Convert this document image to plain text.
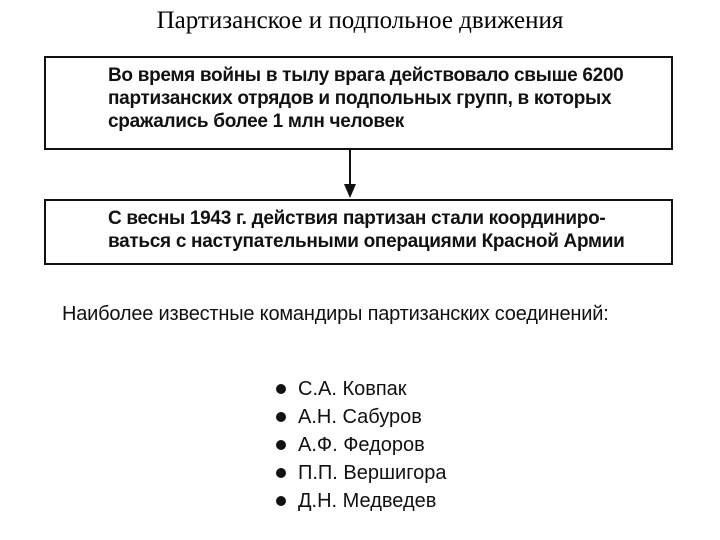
Партизанское и подпольное движения
Во время войны в тылу врага действовало свыше 6200
партизанских отрядов и подпольных групп, в которых
сражались более 1 млн человек
С весны 1943 г. действия партизан стали координиро-
ваться с наступательными операциями Красной Армии
Наиболее известные командиры партизанских соединений:
С.А. Ковпак
А.Н. Сабуров
А.Ф. Федоров
П.П. Вершигора
Д.Н. Медведев
